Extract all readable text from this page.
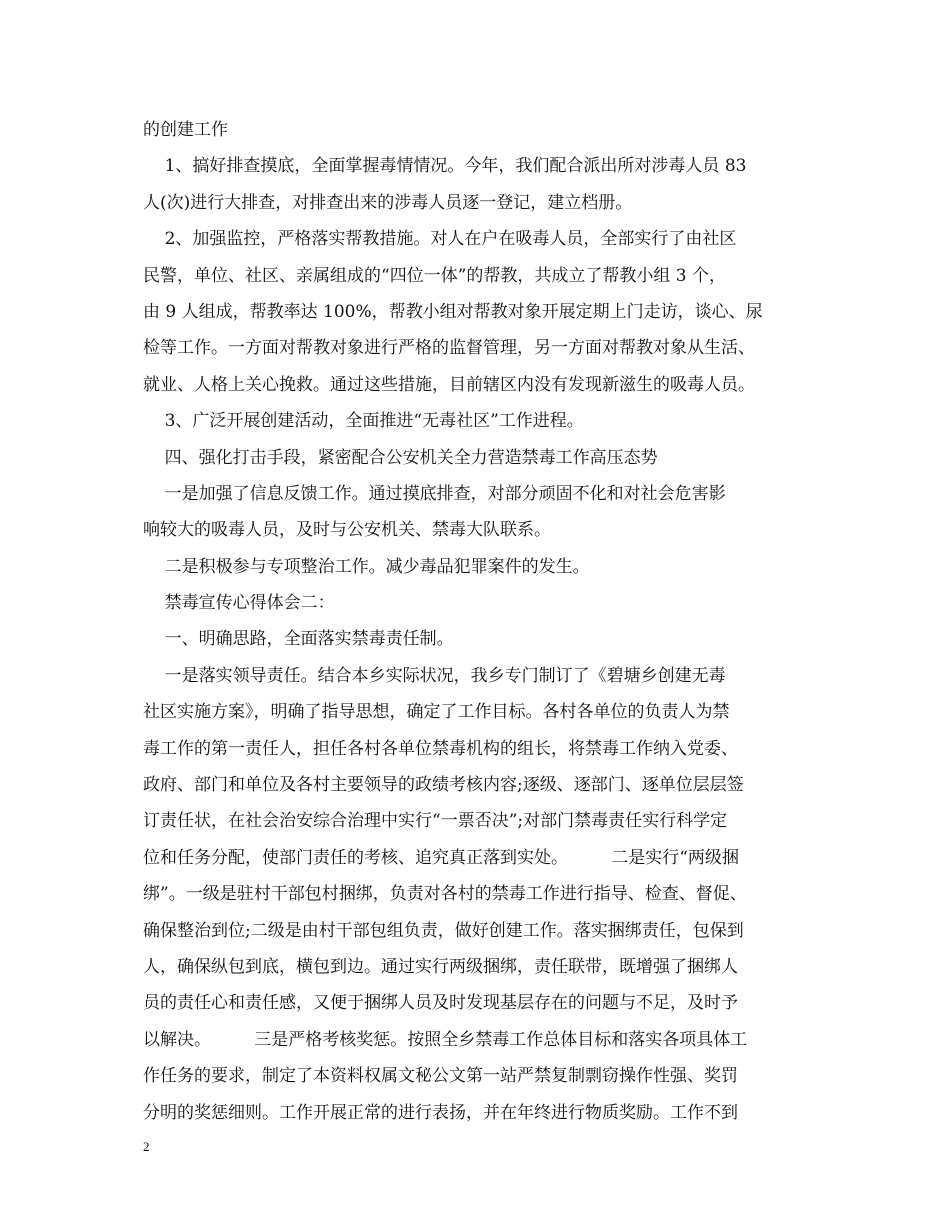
的创建工作
1、搞好排查摸底，全面掌握毒情情况。今年，我们配合派出所对涉毒人员 83
人(次)进行大排查，对排查出来的涉毒人员逐一登记，建立档册。
2、加强监控，严格落实帮教措施。对人在户在吸毒人员，全部实行了由社区
民警，单位、社区、亲属组成的“四位一体”的帮教，共成立了帮教小组 3 个，
由 9 人组成，帮教率达 100%，帮教小组对帮教对象开展定期上门走访，谈心、尿
检等工作。一方面对帮教对象进行严格的监督管理，另一方面对帮教对象从生活、
就业、人格上关心挽救。通过这些措施，目前辖区内没有发现新滋生的吸毒人员。
3、广泛开展创建活动，全面推进“无毒社区”工作进程。
四、强化打击手段，紧密配合公安机关全力营造禁毒工作高压态势
一是加强了信息反馈工作。通过摸底排查，对部分顽固不化和对社会危害影
响较大的吸毒人员，及时与公安机关、禁毒大队联系。
二是积极参与专项整治工作。减少毒品犯罪案件的发生。
禁毒宣传心得体会二：
一、明确思路，全面落实禁毒责任制。
一是落实领导责任。结合本乡实际状况，我乡专门制订了《碧塘乡创建无毒
社区实施方案》，明确了指导思想，确定了工作目标。各村各单位的负责人为禁
毒工作的第一责任人，担任各村各单位禁毒机构的组长，将禁毒工作纳入党委、
政府、部门和单位及各村主要领导的政绩考核内容;逐级、逐部门、逐单位层层签
订责任状，在社会治安综合治理中实行“一票否决”;对部门禁毒责任实行科学定
位和任务分配，使部门责任的考核、追究真正落到实处。        二是实行“两级捆
绑”。一级是驻村干部包村捆绑，负责对各村的禁毒工作进行指导、检查、督促、
确保整治到位;二级是由村干部包组负责，做好创建工作。落实捆绑责任，包保到
人，确保纵包到底，横包到边。通过实行两级捆绑，责任联带，既增强了捆绑人
员的责任心和责任感，又便于捆绑人员及时发现基层存在的问题与不足，及时予
以解决。        三是严格考核奖惩。按照全乡禁毒工作总体目标和落实各项具体工
作任务的要求，制定了本资料权属文秘公文第一站严禁复制剽窃操作性强、奖罚
分明的奖惩细则。工作开展正常的进行表扬，并在年终进行物质奖励。工作不到
2
